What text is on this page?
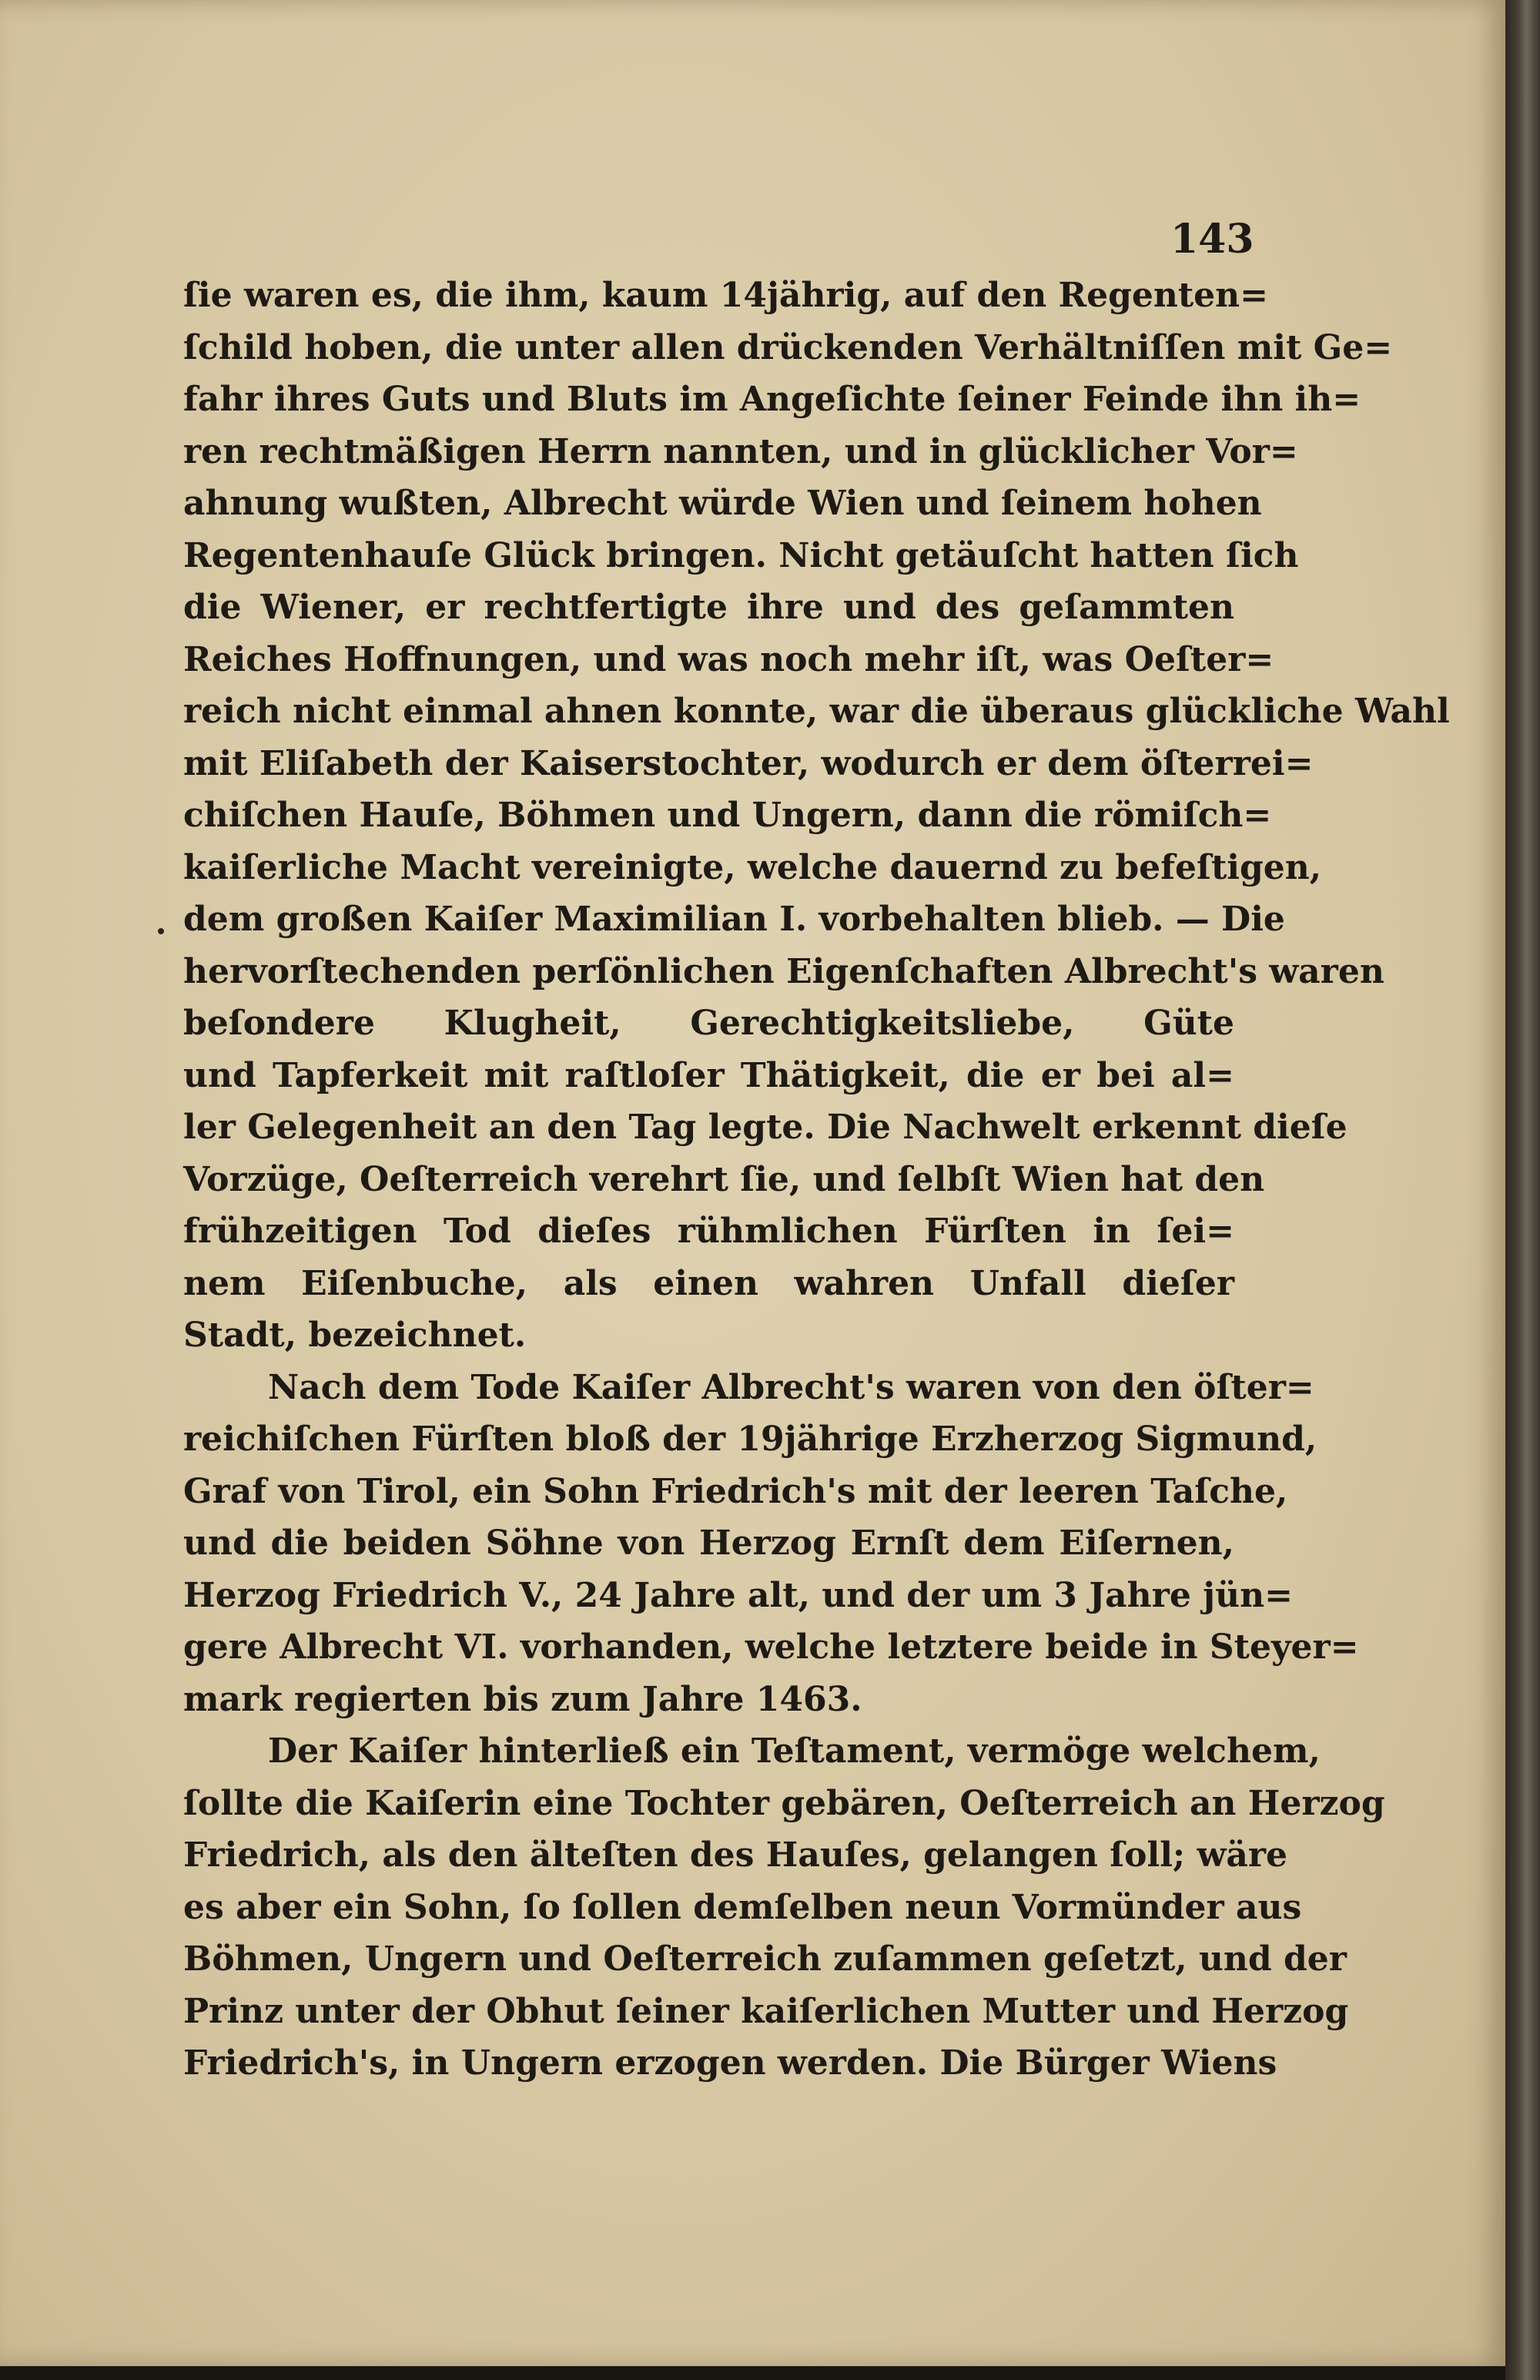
143
ſie waren es, die ihm, kaum 14jährig, auf den Regenten=
ſchild hoben, die unter allen drückenden Verhältniſſen mit Ge=
fahr ihres Guts und Bluts im Angeſichte ſeiner Feinde ihn ih=
ren rechtmäßigen Herrn nannten, und in glücklicher Vor=
ahnung wußten, Albrecht würde Wien und ſeinem hohen
Regentenhauſe Glück bringen. Nicht getäuſcht hatten ſich
die Wiener, er rechtfertigte ihre und des geſammten
Reiches Hoffnungen, und was noch mehr iſt, was Oeſter=
reich nicht einmal ahnen konnte, war die überaus glückliche Wahl
mit Eliſabeth der Kaiserstochter, wodurch er dem öſterrei=
chiſchen Hauſe, Böhmen und Ungern, dann die römiſch=
kaiſerliche Macht vereinigte, welche dauernd zu befeſtigen,
dem großen Kaiſer Maximilian I. vorbehalten blieb. — Die
hervorſtechenden perſönlichen Eigenſchaften Albrecht's waren
beſondere Klugheit, Gerechtigkeitsliebe, Güte
und Tapferkeit mit raſtloſer Thätigkeit, die er bei al=
ler Gelegenheit an den Tag legte. Die Nachwelt erkennt dieſe
Vorzüge, Oeſterreich verehrt ſie, und ſelbſt Wien hat den
frühzeitigen Tod dieſes rühmlichen Fürſten in ſei=
nem Eiſenbuche, als einen wahren Unfall dieſer
Stadt, bezeichnet.
Nach dem Tode Kaiſer Albrecht's waren von den öſter=
reichiſchen Fürſten bloß der 19jährige Erzherzog Sigmund,
Graf von Tirol, ein Sohn Friedrich's mit der leeren Taſche,
und die beiden Söhne von Herzog Ernſt dem Eiſernen,
Herzog Friedrich V., 24 Jahre alt, und der um 3 Jahre jün=
gere Albrecht VI. vorhanden, welche letztere beide in Steyer=
mark regierten bis zum Jahre 1463.
Der Kaiſer hinterließ ein Teſtament, vermöge welchem,
ſollte die Kaiſerin eine Tochter gebären, Oeſterreich an Herzog
Friedrich, als den älteſten des Hauſes, gelangen ſoll; wäre
es aber ein Sohn, ſo ſollen demſelben neun Vormünder aus
Böhmen, Ungern und Oeſterreich zuſammen geſetzt, und der
Prinz unter der Obhut ſeiner kaiſerlichen Mutter und Herzog
Friedrich's, in Ungern erzogen werden. Die Bürger Wiens
